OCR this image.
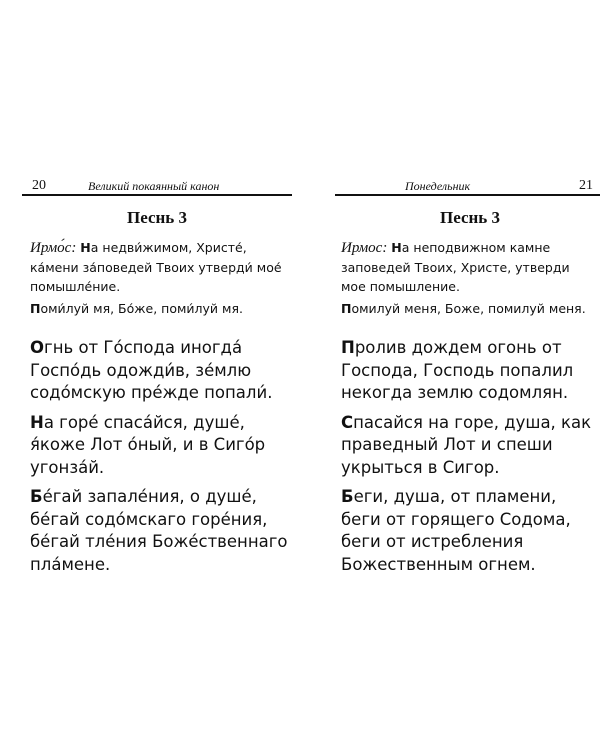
20	Великий покаянный канон
Песнь 3
Ирмо́с: На недви́жимом, Христе́, ка́мени за́поведей Твоих утверди́ мое́ помышле́ние.
Поми́луй мя, Бо́же, поми́луй мя.

Огнь от Го́спода иногда́ Госпо́дь одожди́в, зе́млю содо́мскую пре́жде попали́.

На горе́ спаса́йся, душе́, я́коже Лот о́ный, и в Сиго́р угонза́й.

Бе́гай запале́ния, о душе́, бе́гай содо́мскаго горе́ния, бе́гай тле́ния Боже́ственнаго пла́мене.

Понедельник	21
Песнь 3
Ирмос: На неподвижном камне заповедей Твоих, Христе, утверди мое помышление.
Помилуй меня, Боже, помилуй меня.

Пролив дождем огонь от Господа, Господь попалил некогда землю содомлян.

Спасайся на горе, душа, как праведный Лот и спеши укрыться в Сигор.

Беги, душа, от пламени, беги от горящего Содома, беги от истребления Божественным огнем.
